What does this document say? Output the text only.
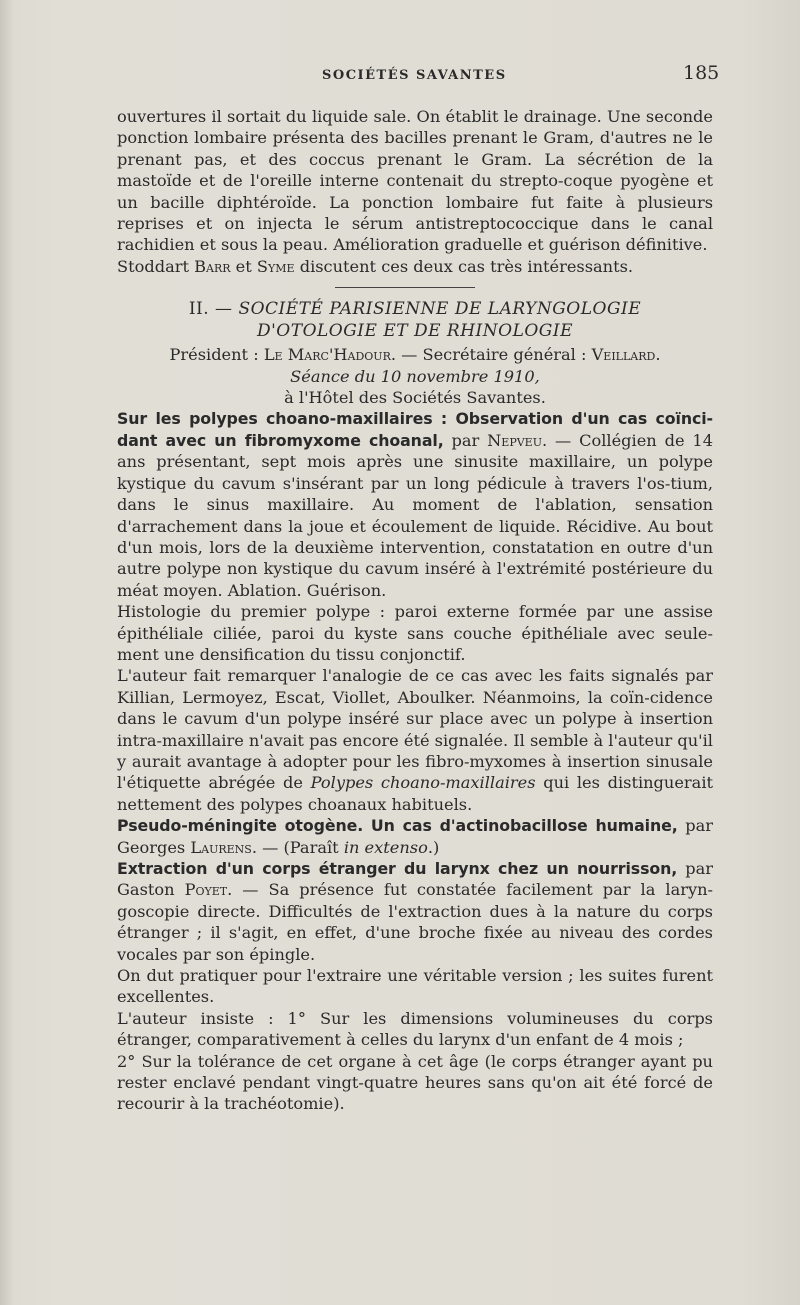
SOCIÉTÉS SAVANTES	185

ouvertures il sortait du liquide sale. On établit le drainage. Une seconde ponction lombaire présenta des bacilles prenant le Gram, d'autres ne le prenant pas, et des coccus prenant le Gram. La sécrétion de la mastoïde et de l'oreille interne contenait du strepto-coque pyogène et un bacille diphtéroïde. La ponction lombaire fut faite à plusieurs reprises et on injecta le sérum antistreptococcique dans le canal rachidien et sous la peau. Amélioration graduelle et guérison définitive.

Stoddart Barr et Syme discutent ces deux cas très intéressants.

II. — SOCIÉTÉ PARISIENNE DE LARYNGOLOGIE
D'OTOLOGIE ET DE RHINOLOGIE
Président : Le Marc'Hadour. — Secrétaire général : Veillard.
Séance du 10 novembre 1910,
à l'Hôtel des Sociétés Savantes.

Sur les polypes choano-maxillaires : Observation d'un cas coïnci-dant avec un fibromyxome choanal, par Nepveu. — Collégien de 14 ans présentant, sept mois après une sinusite maxillaire, un polype kystique du cavum s'insérant par un long pédicule à travers l'os-tium, dans le sinus maxillaire. Au moment de l'ablation, sensation d'arrachement dans la joue et écoulement de liquide. Récidive. Au bout d'un mois, lors de la deuxième intervention, constatation en outre d'un autre polype non kystique du cavum inséré à l'extrémité postérieure du méat moyen. Ablation. Guérison.

Histologie du premier polype : paroi externe formée par une assise épithéliale ciliée, paroi du kyste sans couche épithéliale avec seule-ment une densification du tissu conjonctif.

L'auteur fait remarquer l'analogie de ce cas avec les faits signalés par Killian, Lermoyez, Escat, Viollet, Aboulker. Néanmoins, la coïn-cidence dans le cavum d'un polype inséré sur place avec un polype à insertion intra-maxillaire n'avait pas encore été signalée. Il semble à l'auteur qu'il y aurait avantage à adopter pour les fibro-myxomes à insertion sinusale l'étiquette abrégée de Polypes choano-maxillaires qui les distinguerait nettement des polypes choanaux habituels.

Pseudo-méningite otogène. Un cas d'actinobacillose humaine, par Georges Laurens. — (Paraît in extenso.)

Extraction d'un corps étranger du larynx chez un nourrisson, par Gaston Poyet. — Sa présence fut constatée facilement par la laryn-goscopie directe. Difficultés de l'extraction dues à la nature du corps étranger ; il s'agit, en effet, d'une broche fixée au niveau des cordes vocales par son épingle.

On dut pratiquer pour l'extraire une véritable version ; les suites furent excellentes.

L'auteur insiste : 1° Sur les dimensions volumineuses du corps étranger, comparativement à celles du larynx d'un enfant de 4 mois ;

2° Sur la tolérance de cet organe à cet âge (le corps étranger ayant pu rester enclavé pendant vingt-quatre heures sans qu'on ait été forcé de recourir à la trachéotomie).
